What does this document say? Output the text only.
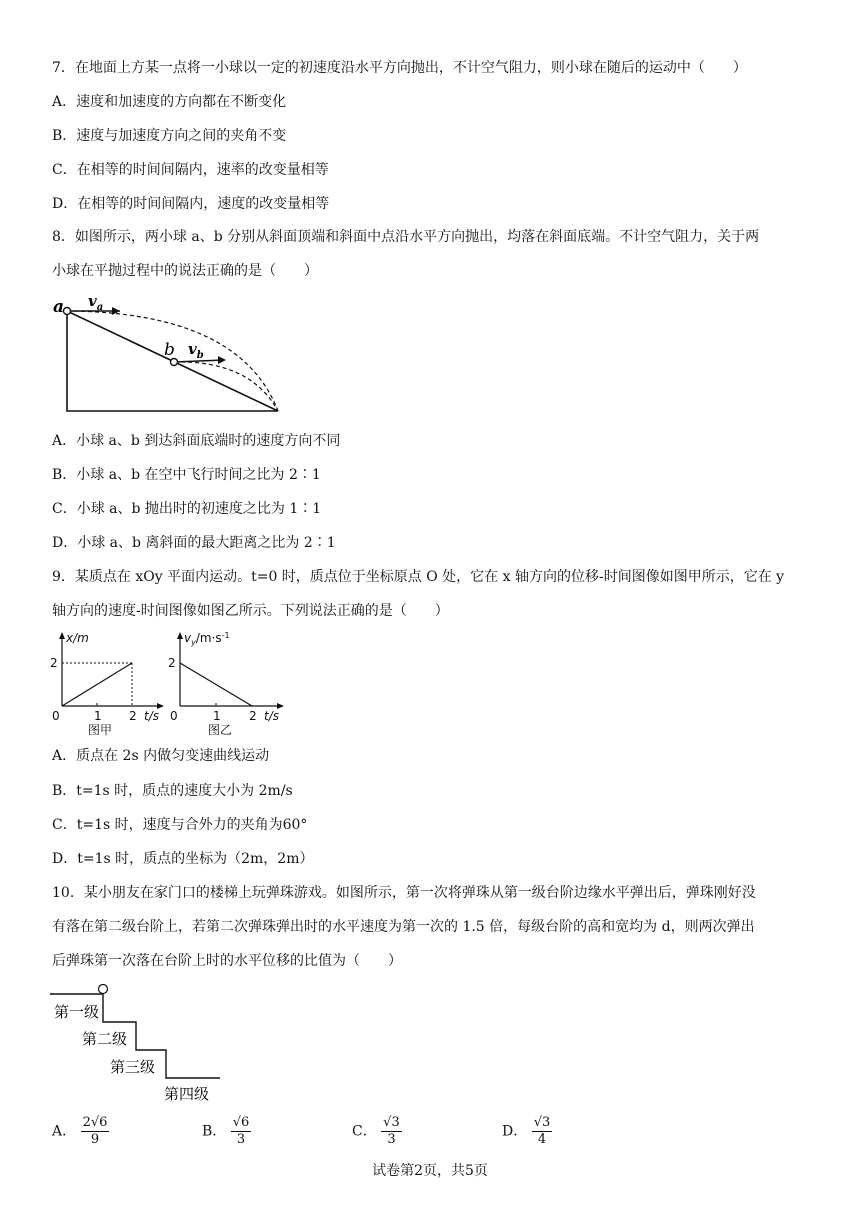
7．在地面上方某一点将一小球以一定的初速度沿水平方向抛出，不计空气阻力，则小球在随后的运动中（　　）
A．速度和加速度的方向都在不断变化
B．速度与加速度方向之间的夹角不变
C．在相等的时间间隔内，速率的改变量相等
D．在相等的时间间隔内，速度的改变量相等
8．如图所示，两小球 a、b 分别从斜面顶端和斜面中点沿水平方向抛出，均落在斜面底端。不计空气阻力，关于两
小球在平抛过程中的说法正确的是（　　）
a
b
$v_a$
$v_b$
A．小球 a、b 到达斜面底端时的速度方向不同
B．小球 a、b 在空中飞行时间之比为 2∶1
C．小球 a、b 抛出时的初速度之比为 1∶1
D．小球 a、b 离斜面的最大距离之比为 2∶1
9．某质点在 xOy 平面内运动。t=0 时，质点位于坐标原点 O 处，它在 x 轴方向的位移-时间图像如图甲所示，它在 y
轴方向的速度-时间图像如图乙所示。下列说法正确的是（　　）
x/m
2
0	1 2 t/s
图甲
$v_y/m\cdot s^{-1}$
2
0	1 2 t/s
图乙
A．质点在 2s 内做匀变速曲线运动
B．t=1s 时，质点的速度大小为 2m/s
C．t=1s 时，速度与合外力的夹角为60°
D．t=1s 时，质点的坐标为（2m，2m）
10．某小朋友在家门口的楼梯上玩弹珠游戏。如图所示，第一次将弹珠从第一级台阶边缘水平弹出后，弹珠刚好没
有落在第二级台阶上，若第二次弹珠弹出时的水平速度为第一次的 1.5 倍，每级台阶的高和宽均为 d，则两次弹出
后弹珠第一次落在台阶上时的水平位移的比值为（　　）
第一级
第二级
第三级
第四级
A． $\frac{2√6}{9}$	B． $\frac{√6}{3}$	C． $\frac{√3}{3}$	D． $\frac{√3}{4}$
试卷第2页，共5页
